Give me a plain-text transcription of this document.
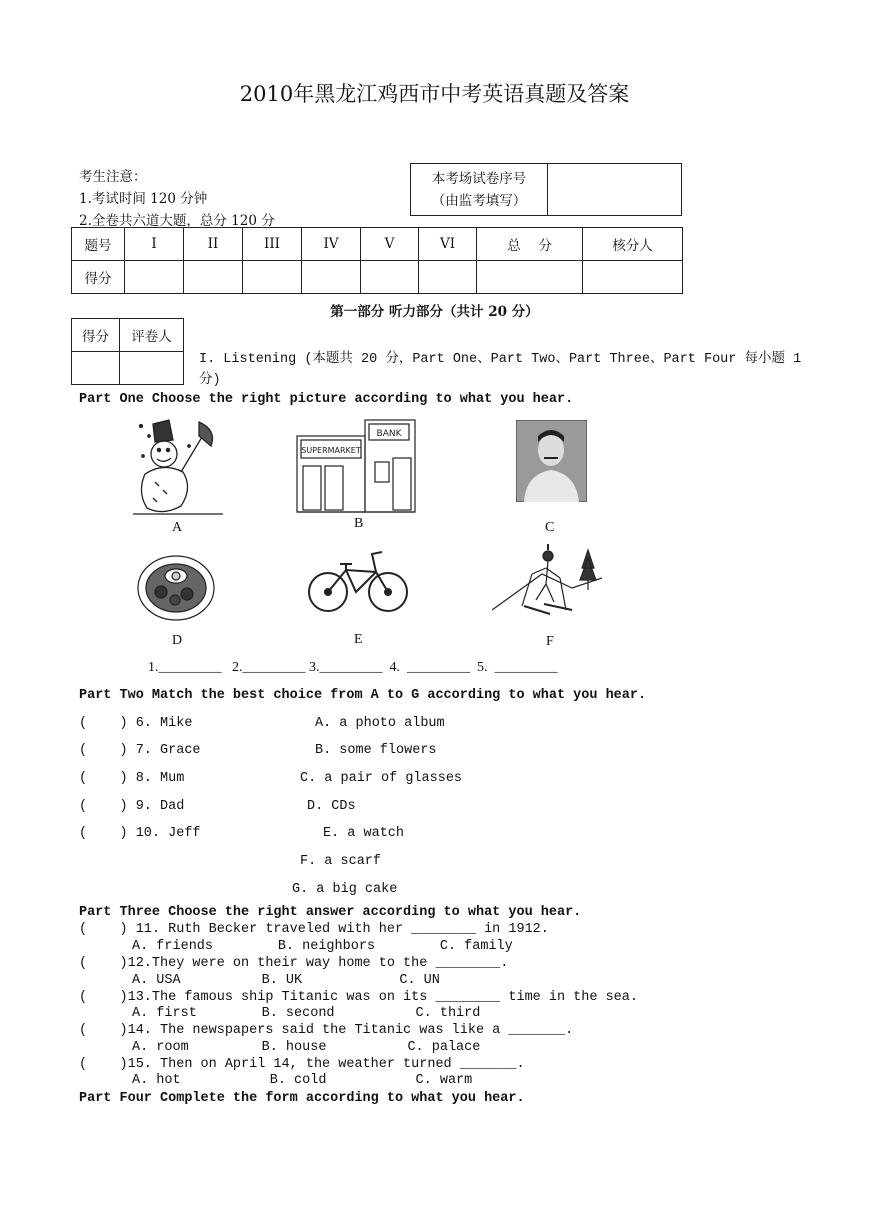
2010年黑龙江鸡西市中考英语真题及答案
考生注意：
1.考试时间 120 分钟
2.全卷共六道大题，总分 120 分
本考场试卷序号
（由监考填写）

题号	I	II	III	IV	V	VI	总　 分	核分人
得分								
第一部分 听力部分（共计 20 分）
得分	评卷人

I. Listening (本题共 20 分，Part One、Part Two、Part Three、Part Four 每小题 1
分)
Part One Choose the right picture according to what you hear.
A
SUPERMARKET
BANK
B	C
D	E	F
1._________   2._________ 3._________  4.  _________  5.  _________
Part Two Match the best choice from A to G according to what you hear.
(    ) 6. Mike
(    ) 7. Grace
(    ) 8. Mum
(    ) 9. Dad
(    ) 10. Jeff
A. a photo album
B. some flowers
C. a pair of glasses
D. CDs
E. a watch
F. a scarf
G. a big cake
Part Three Choose the right answer according to what you hear.
(    ) 11. Ruth Becker traveled with her ________ in 1912.
A. friends        B. neighbors        C. family
(    )12.They were on their way home to the ________.
A. USA          B. UK            C. UN
(    )13.The famous ship Titanic was on its ________ time in the sea.
A. first        B. second          C. third
(    )14. The newspapers said the Titanic was like a _______.
A. room         B. house          C. palace
(    )15. Then on April 14, the weather turned _______.
A. hot           B. cold           C. warm
Part Four Complete the form according to what you hear.
